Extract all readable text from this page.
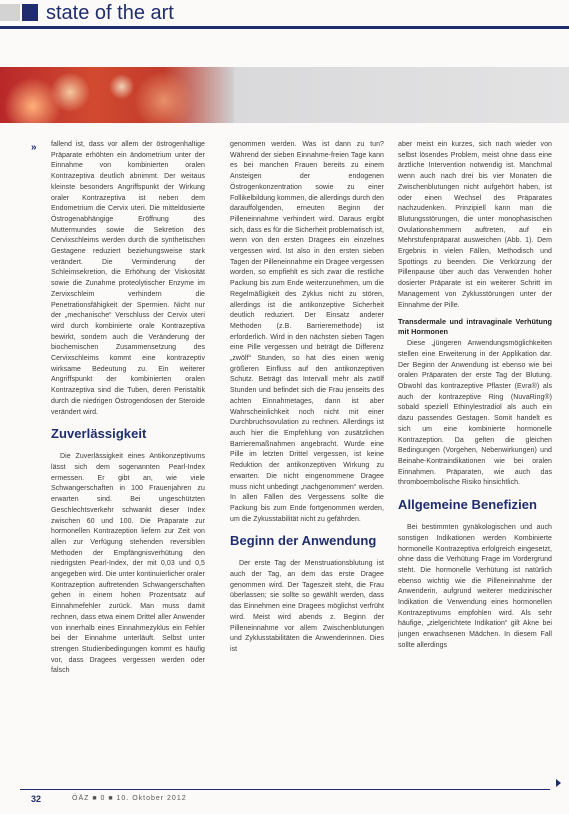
state of the art
» fallend ist, dass vor allem der östrogenhaltige Präparate erhöhten ein ändometrium unter der Einnahme von kombinierten oralen Kontrazeptiva deutlich abnimmt. Der weitaus kleinste besonders Angriffspunkt der Wirkung oraler Kontrazeptiva ist neben dem Endometrium die Cervix uteri. Die mitteldosierte Östrogenabhängige Eröffnung des Muttermundes sowie die Sekretion des Cervixschleims werden durch die synthetischen Gestagene reduziert beziehungsweise stark verändert. Die Verminderung der Schleimsekretion, die Erhöhung der Viskosität sowie die Zunahme proteolytischer Enzyme im Zervixschleim verhindern die Penetrationsfähigkeit der Spermien. Nicht nur der „mechanische“ Verschluss der Cervix uteri wird durch kombinierte orale Kontrazeptiva bewirkt, sondern auch die Veränderung der biochemischen Zusammensetzung des Cervixschleims kommt eine kontrazeptiv wirksame Bedeutung zu. Ein weiterer Angriffspunkt der kombinierten oralen Kontrazeptiva sind die Tuben, deren Peristaltik durch die niedrigen Östrogendosen der Steroide verändert wird.

Zuverlässigkeit

Die Zuverlässigkeit eines Antikonzeptivums lässt sich dem sogenannten Pearl-Index ermessen. Er gibt an, wie viele Schwangerschaften in 100 Frauenjahren zu erwarten sind. Bei ungeschützten Geschlechtsverkehr schwankt dieser Index zwischen 60 und 100. Die Präparate zur hormonellen Kontrazeption liefern zur Zeit von allen zur Verfügung stehenden reversiblen Methoden der Empfängnisverhütung den niedrigsten Pearl-Index, der mit 0,03 und 0,5 angegeben wird. Die unter kontinuierlicher oraler Kontrazeption auftretenden Schwangerschaften gehen in einem hohen Prozentsatz auf Einnahmefehler zurück. Man muss damit rechnen, dass etwa einem Drittel aller Anwender von innerhalb eines Einnahmezyklus ein Fehler bei der Einnahme unterläuft. Selbst unter strengen Studienbedingungen kommt es häufig vor, dass Dragees vergessen werden oder falsch

genommen werden. Was ist dann zu tun? Während der sieben Einnahme-freien Tage kann es bei manchen Frauen bereits zu einem Ansteigen der endogenen Östrogenkonzentration sowie zu einer Follikelbildung kommen, die allerdings durch den darauffolgenden, erneuten Beginn der Pilleneinnahme verhindert wird. Daraus ergibt sich, dass es für die Sicherheit problematisch ist, wenn von den ersten Dragees ein einzelnes vergessen wird. Ist also in den ersten sieben Tagen der Pilleneinnahme ein Dragee vergessen worden, so empfiehlt es sich zwar die restliche Packung bis zum Ende weiterzunehmen, um die Regelmäßigkeit des Zyklus nicht zu stören, allerdings ist die antikonzeptive Sicherheit deutlich reduziert. Der Einsatz anderer Methoden (z.B. Barrieremethode) ist erforderlich. Wird in den nächsten sieben Tagen eine Pille vergessen und beträgt die Differenz „zwölf“ Stunden, so hat dies einen wenig größeren Einfluss auf den antikonzeptiven Schutz. Beträgt das Intervall mehr als zwölf Stunden und befindet sich die Frau jenseits des achten Einnahmetages, dann ist aber Wahrscheinlichkeit noch nicht mit einer Durchbruchsovulation zu rechnen. Allerdings ist auch hier die Empfehlung von zusätzlichen Barrieremaßnahmen angebracht. Wurde eine Pille im letzten Drittel vergessen, ist keine Reduktion der antikonzeptiven Wirkung zu erwarten. Die nicht eingenommene Dragee muss nicht unbedingt „nachgenommen“ werden. In allen Fällen des Vergessens sollte die Packung bis zum Ende fortgenommen werden, um die Zykusstabilität nicht zu gefährden.

Beginn der Anwendung

Der erste Tag der Menstruationsblutung ist auch der Tag, an dem das erste Dragee genommen wird. Der Tageszeit steht, die Frau überlassen; sie sollte so gewählt werden, dass das Einnehmen eine Dragees möglichst verfrüht wird. Meist wird abends z. Beginn der Pilleneinnahme vor allem Zwischenblutungen und Zyklusstabilitäten die Anwenderinnen. Dies ist

aber meist ein kurzes, sich nach wieder von selbst lösendes Problem, meist ohne dass eine ärztliche Intervention notwendig ist. Manchmal wenn auch nach drei bis vier Monaten die Zwischenblutungen nicht aufgehört haben, ist oder einen Wechsel des Präparates nachzudenken. Prinzipiell kann man die Blutungsstörungen, die unter monophasischen Ovulationshemmern auftreten, auf ein Mehrstufenpräparat ausweichen (Abb. 1). Dem Ergebnis in vielen Fällen, Methodisch und Spottings zu beenden. Die Verkürzung der Pillenpause über auch das Verwenden hoher dosierter Präparate ist ein weiterer Schritt im Management von Zyklusstörungen unter der Einnahme der Pille.

Transdermale und intravaginale Verhütung mit Hormonen

Diese „jüngeren Anwendungsmöglichkeiten stellen eine Erweiterung in der Applikation dar. Der Beginn der Anwendung ist ebenso wie bei oralen Präparaten der erste Tag der Blutung. Obwohl das kontrazeptive Pflaster (Evra®) als auch der kontrazeptive Ring (NuvaRing®) sobald speziell Ethinylestradiol als auch ein dazu passendes Gestagen. Somit handelt es sich um eine kombinierte hormonelle Kontrazeption. Da gelten die gleichen Bedingungen (Vorgehen, Nebenwirkungen) und Beinahe-Kontraindikationen wie bei oralen Einnahmen. Präparaten, wie auch das thromboembolische Risiko hinsichtlich.

Allgemeine Benefizien

Bei bestimmten gynäkologischen und auch sonstigen Indikationen werden Kombinierte hormonelle Kontrazeptiva erfolgreich eingesetzt, ohne dass die Verhütung Frage im Vordergrund steht. Die hormonelle Verhütung ist natürlich ebenso wichtig wie die Pilleneinnahme der Anwenderin, aufgrund weiterer medizinischer Indikation die Verwendung eines hormonellen Kontrazeptivums empfohlen wird. Als sehr häufige, „zielgerichtete Indikation“ gilt Akne bei jungen erwachsenen Mädchen. In diesem Fall sollte allerdings

32	ÖÄZ ■ 0 ■ 10. Oktober 2012
